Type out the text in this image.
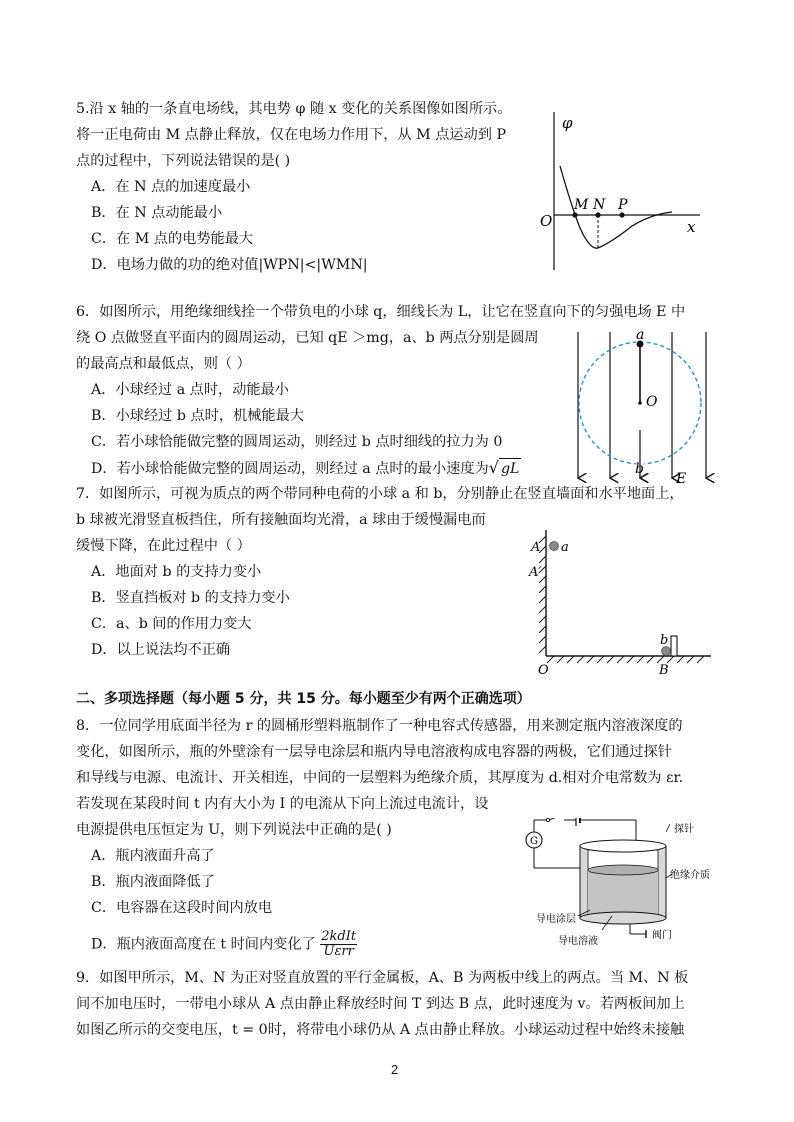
5.沿 x 轴的一条直电场线，其电势 φ 随 x 变化的关系图像如图所示。
将一正电荷由 M 点静止释放，仅在电场力作用下，从 M 点运动到 P
点的过程中，下列说法错误的是( )
A．在 N 点的加速度最小
B．在 N 点动能最小
C．在 M 点的电势能最大
D．电场力做的功的绝对值|WPN|<|WMN|
φ
O	x
M N P
6．如图所示，用绝缘细线拴一个带负电的小球 q，细线长为 L，让它在竖直向下的匀强电场 E 中
绕 O 点做竖直平面内的圆周运动，已知 qE ＞mg，a、b 两点分别是圆周
的最高点和最低点，则（ ）
A．小球经过 a 点时，动能最小
B．小球经过 b 点时，机械能最大
C．若小球恰能做完整的圆周运动，则经过 b 点时细线的拉力为 0
D．若小球恰能做完整的圆周运动，则经过 a 点时的最小速度为√ gL
a
O
b
E
7．如图所示，可视为质点的两个带同种电荷的小球 a 和 b，分别静止在竖直墙面和水平地面上，
b 球被光滑竖直板挡住，所有接触面均光滑，a 球由于缓慢漏电而
缓慢下降，在此过程中（ ）
A．地面对 b 的支持力变小
B．竖直挡板对 b 的支持力变小
C．a、b 间的作用力变大
D．以上说法均不正确
A a
A′
O	B
b
二、多项选择题（每小题 5 分，共 15 分。每小题至少有两个正确选项）
8．一位同学用底面半径为 r 的圆桶形塑料瓶制作了一种电容式传感器，用来测定瓶内溶液深度的
变化，如图所示，瓶的外壁涂有一层导电涂层和瓶内导电溶液构成电容器的两极，它们通过探针
和导线与电源、电流计、开关相连，中间的一层塑料为绝缘介质，其厚度为 d.相对介电常数为 εr.
若发现在某段时间 t 内有大小为 I 的电流从下向上流过电流计，设
电源提供电压恒定为 U，则下列说法中正确的是( )
A．瓶内液面升高了
B．瓶内液面降低了
C．电容器在这段时间内放电
D．瓶内液面高度在 t 时间内变化了 $\frac{\text{2kdIt}}{\text{Uεrr}}$
G
探针
绝缘介质
导电涂层
阀门
导电溶液
9．如图甲所示，M、N 为正对竖直放置的平行金属板，A、B 为两板中线上的两点。当 M、N 板
间不加电压时，一带电小球从 A 点由静止释放经时间 T 到达 B 点，此时速度为 v。若两板间加上
如图乙所示的交变电压，t = 0时，将带电小球仍从 A 点由静止释放。小球运动过程中始终未接触
2
